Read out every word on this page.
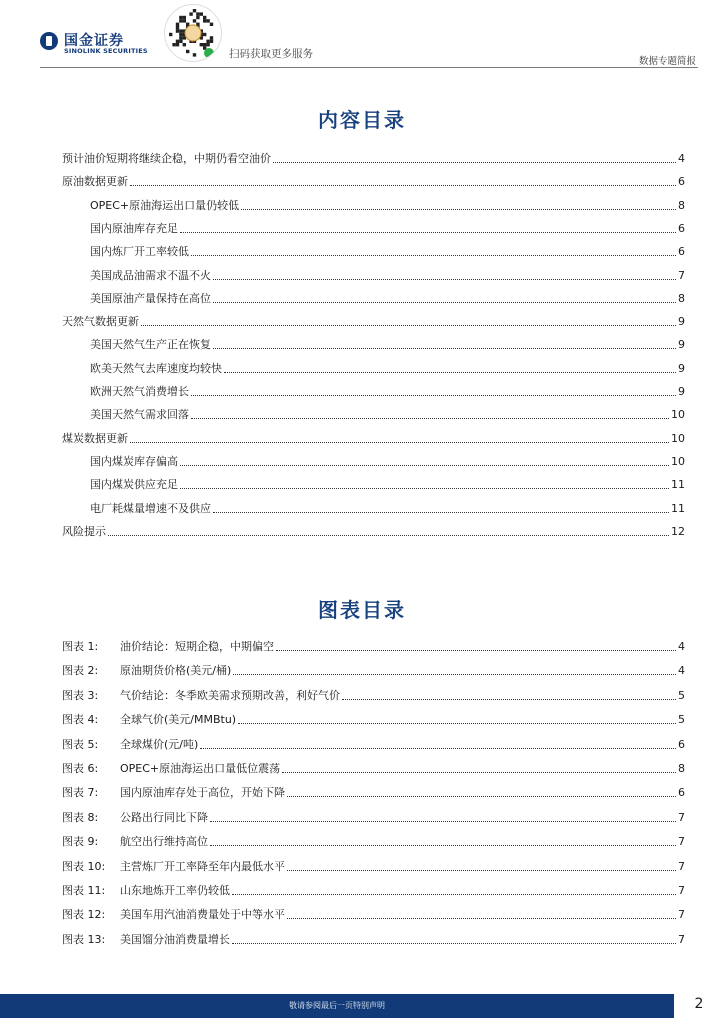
国金证券
SINOLINK SECURITIES	扫码获取更多服务
数据专题简报
内容目录
图表目录
预计油价短期将继续企稳，中期仍看空油价	4
原油数据更新	6
OPEC+原油海运出口量仍较低	8
国内原油库存充足	6
国内炼厂开工率较低	6
美国成品油需求不温不火	7
美国原油产量保持在高位	8
天然气数据更新	9
美国天然气生产正在恢复	9
欧美天然气去库速度均较快	9
欧洲天然气消费增长	9
美国天然气需求回落	10
煤炭数据更新	10
国内煤炭库存偏高	10
国内煤炭供应充足	11
电厂耗煤量增速不及供应	11
风险提示	12
图表 1: 油价结论：短期企稳，中期偏空	4
图表 2: 原油期货价格(美元/桶)	4
图表 3: 气价结论：冬季欧美需求预期改善，利好气价	5
图表 4: 全球气价(美元/MMBtu)	5
图表 5: 全球煤价(元/吨)	6
图表 6: OPEC+原油海运出口量低位震荡	8
图表 7: 国内原油库存处于高位，开始下降	6
图表 8: 公路出行同比下降	7
图表 9: 航空出行维持高位	7
图表 10: 主营炼厂开工率降至年内最低水平	7
图表 11: 山东地炼开工率仍较低	7
图表 12: 美国车用汽油消费量处于中等水平	7
图表 13: 美国馏分油消费量增长	7
敬请参阅最后一页特别声明	2
